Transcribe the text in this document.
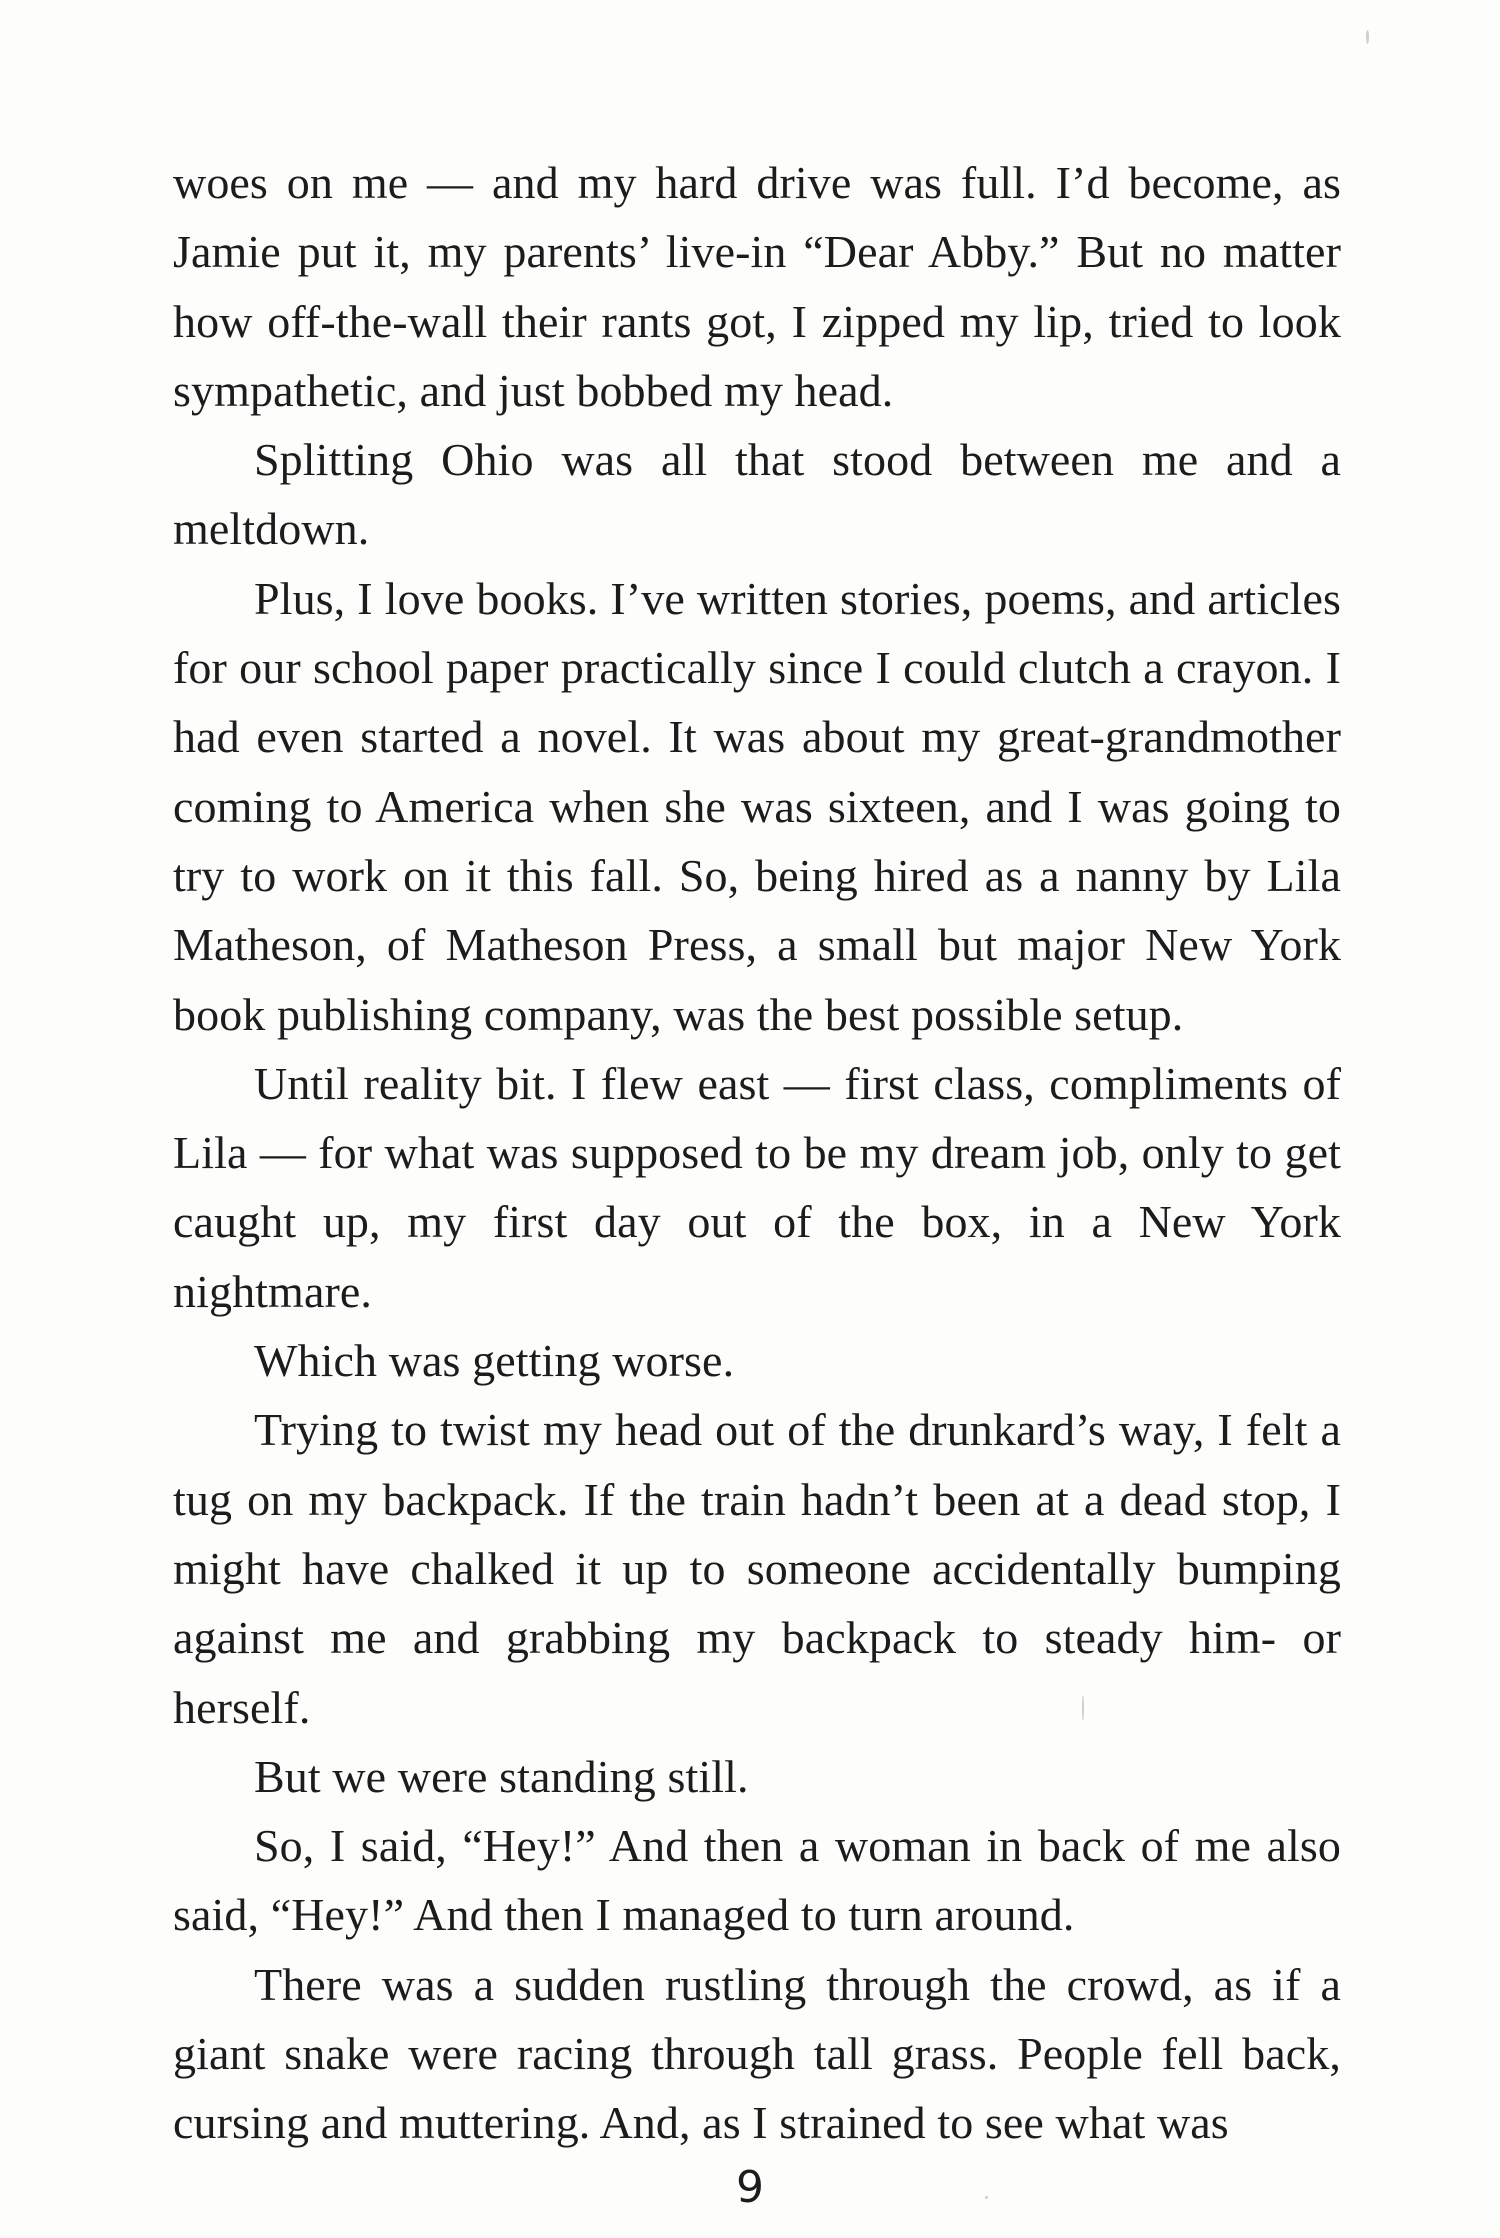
woes on me — and my hard drive was full. I’d become, as Jamie put it, my parents’ live-in “Dear Abby.” But no matter how off-the-wall their rants got, I zipped my lip, tried to look sympathetic, and just bobbed my head.

Splitting Ohio was all that stood between me and a meltdown.

Plus, I love books. I’ve written stories, poems, and articles for our school paper practically since I could clutch a crayon. I had even started a novel. It was about my great-grandmother coming to America when she was sixteen, and I was going to try to work on it this fall. So, being hired as a nanny by Lila Matheson, of Matheson Press, a small but major New York book publishing company, was the best possible setup.

Until reality bit. I flew east — first class, compliments of Lila — for what was supposed to be my dream job, only to get caught up, my first day out of the box, in a New York nightmare.

Which was getting worse.

Trying to twist my head out of the drunkard’s way, I felt a tug on my backpack. If the train hadn’t been at a dead stop, I might have chalked it up to someone accidentally bumping against me and grabbing my backpack to steady him- or herself.

But we were standing still.

So, I said, “Hey!” And then a woman in back of me also said, “Hey!” And then I managed to turn around.

There was a sudden rustling through the crowd, as if a giant snake were racing through tall grass. People fell back, cursing and muttering. And, as I strained to see what was

9
